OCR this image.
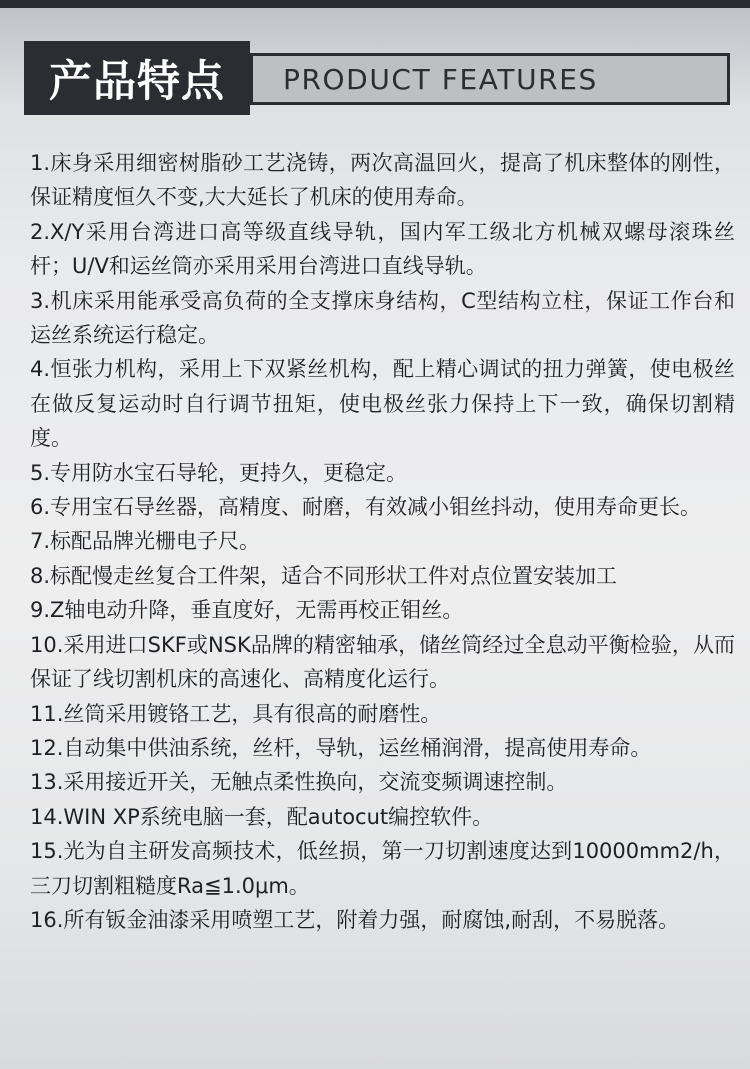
产品特点 PRODUCT FEATURES
1.床身采用细密树脂砂工艺浇铸，两次高温回火，提高了机床整体的刚性，保证精度恒久不变,大大延长了机床的使用寿命。
2.X/Y采用台湾进口高等级直线导轨，国内军工级北方机械双螺母滚珠丝杆；U/V和运丝筒亦采用采用台湾进口直线导轨。
3.机床采用能承受高负荷的全支撑床身结构，C型结构立柱，保证工作台和运丝系统运行稳定。
4.恒张力机构，采用上下双紧丝机构，配上精心调试的扭力弹簧，使电极丝在做反复运动时自行调节扭矩，使电极丝张力保持上下一致，确保切割精度。
5.专用防水宝石导轮，更持久，更稳定。
6.专用宝石导丝器，高精度、耐磨，有效减小钼丝抖动，使用寿命更长。
7.标配品牌光栅电子尺。
8.标配慢走丝复合工件架，适合不同形状工件对点位置安装加工
9.Z轴电动升降，垂直度好，无需再校正钼丝。
10.采用进口SKF或NSK品牌的精密轴承，储丝筒经过全息动平衡检验，从而保证了线切割机床的高速化、高精度化运行。
11.丝筒采用镀铬工艺，具有很高的耐磨性。
12.自动集中供油系统，丝杆，导轨，运丝桶润滑，提高使用寿命。
13.采用接近开关，无触点柔性换向，交流变频调速控制。
14.WIN XP系统电脑一套，配autocut编控软件。
15.光为自主研发高频技术，低丝损，第一刀切割速度达到10000mm2/h，三刀切割粗糙度Ra≦1.0μm。
16.所有钣金油漆采用喷塑工艺，附着力强，耐腐蚀,耐刮，不易脱落。
